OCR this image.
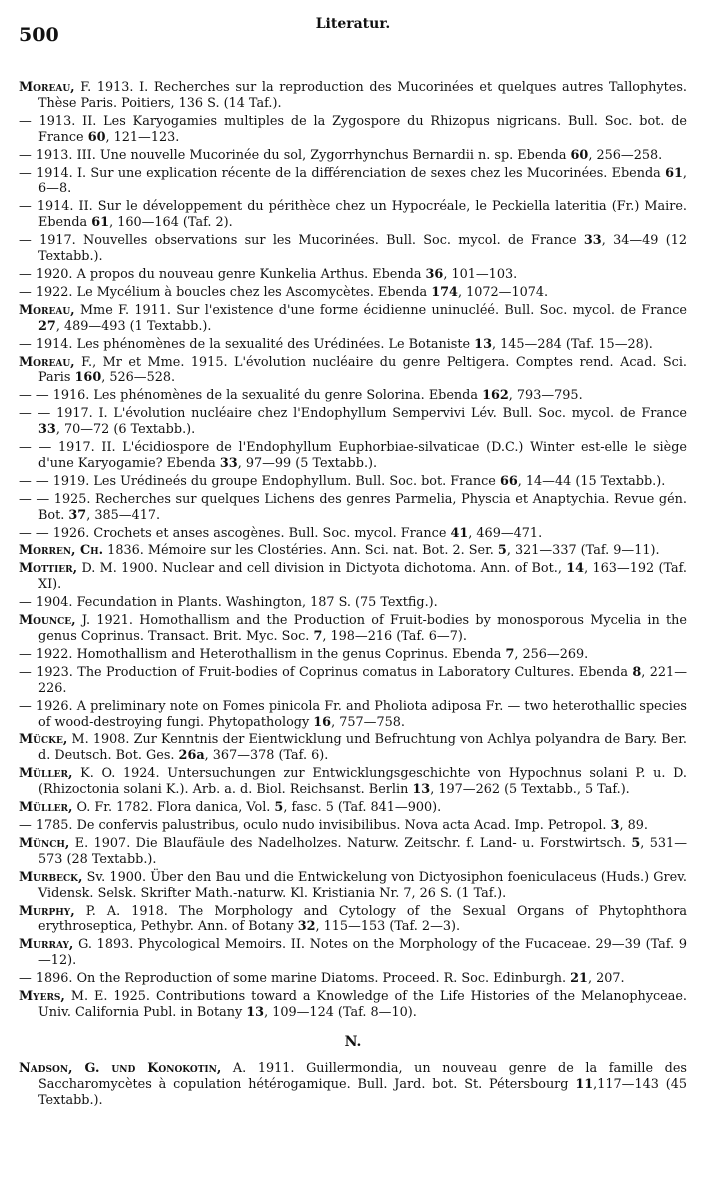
500	Literatur.
Moreau, F. 1913. I. Recherches sur la reproduction des Mucorinées et quelques autres Tallophytes. Thèse Paris. Poitiers, 136 S. (14 Taf.).
— 1913. II. Les Karyogamies multiples de la Zygospore du Rhizopus nigricans. Bull. Soc. bot. de France 60, 121—123.
— 1913. III. Une nouvelle Mucorinée du sol, Zygorrhynchus Bernardii n. sp. Ebenda 60, 256—258.
— 1914. I. Sur une explication récente de la différenciation de sexes chez les Mucorinées. Ebenda 61, 6—8.
— 1914. II. Sur le développement du périthèce chez un Hypocréale, le Peckiella lateritia (Fr.) Maire. Ebenda 61, 160—164 (Taf. 2).
— 1917. Nouvelles observations sur les Mucorinées. Bull. Soc. mycol. de France 33, 34—49 (12 Textabb.).
— 1920. A propos du nouveau genre Kunkelia Arthus. Ebenda 36, 101—103.
— 1922. Le Mycélium à boucles chez les Ascomycètes. Ebenda 174, 1072—1074.
Moreau, Mme F. 1911. Sur l'existence d'une forme écidienne uninucléé. Bull. Soc. mycol. de France 27, 489—493 (1 Textabb.).
— 1914. Les phénomènes de la sexualité des Urédinées. Le Botaniste 13, 145—284 (Taf. 15—28).
Moreau, F., Mr et Mme. 1915. L'évolution nucléaire du genre Peltigera. Comptes rend. Acad. Sci. Paris 160, 526—528.
— — 1916. Les phénomènes de la sexualité du genre Solorina. Ebenda 162, 793—795.
— — 1917. I. L'évolution nucléaire chez l'Endophyllum Sempervivi Lév. Bull. Soc. mycol. de France 33, 70—72 (6 Textabb.).
— — 1917. II. L'écidiospore de l'Endophyllum Euphorbiae-silvaticae (D.C.) Winter est-elle le siège d'une Karyogamie? Ebenda 33, 97—99 (5 Textabb.).
— — 1919. Les Urédineés du groupe Endophyllum. Bull. Soc. bot. France 66, 14—44 (15 Textabb.).
— — 1925. Recherches sur quelques Lichens des genres Parmelia, Physcia et Anaptychia. Revue gén. Bot. 37, 385—417.
— — 1926. Crochets et anses ascogènes. Bull. Soc. mycol. France 41, 469—471.
Morren, Ch. 1836. Mémoire sur les Clostéries. Ann. Sci. nat. Bot. 2. Ser. 5, 321—337 (Taf. 9—11).
Mottier, D. M. 1900. Nuclear and cell division in Dictyota dichotoma. Ann. of Bot., 14, 163—192 (Taf. XI).
— 1904. Fecundation in Plants. Washington, 187 S. (75 Textfig.).
Mounce, J. 1921. Homothallism and the Production of Fruit-bodies by monosporous Mycelia in the genus Coprinus. Transact. Brit. Myc. Soc. 7, 198—216 (Taf. 6—7).
— 1922. Homothallism and Heterothallism in the genus Coprinus. Ebenda 7, 256—269.
— 1923. The Production of Fruit-bodies of Coprinus comatus in Laboratory Cultures. Ebenda 8, 221—226.
— 1926. A preliminary note on Fomes pinicola Fr. and Pholiota adiposa Fr. — two heterothallic species of wood-destroying fungi. Phytopathology 16, 757—758.
Mücke, M. 1908. Zur Kenntnis der Eientwicklung und Befruchtung von Achlya polyandra de Bary. Ber. d. Deutsch. Bot. Ges. 26a, 367—378 (Taf. 6).
Müller, K. O. 1924. Untersuchungen zur Entwicklungsgeschichte von Hypochnus solani P. u. D. (Rhizoctonia solani K.). Arb. a. d. Biol. Reichsanst. Berlin 13, 197—262 (5 Textabb., 5 Taf.).
Müller, O. Fr. 1782. Flora danica, Vol. 5, fasc. 5 (Taf. 841—900).
— 1785. De confervis palustribus, oculo nudo invisibilibus. Nova acta Acad. Imp. Petropol. 3, 89.
Münch, E. 1907. Die Blaufäule des Nadelholzes. Naturw. Zeitschr. f. Land- u. Forstwirtsch. 5, 531—573 (28 Textabb.).
Murbeck, Sv. 1900. Über den Bau und die Entwickelung von Dictyosiphon foeniculaceus (Huds.) Grev. Vidensk. Selsk. Skrifter Math.-naturw. Kl. Kristiania Nr. 7, 26 S. (1 Taf.).
Murphy, P. A. 1918. The Morphology and Cytology of the Sexual Organs of Phytophthora erythroseptica, Pethybr. Ann. of Botany 32, 115—153 (Taf. 2—3).
Murray, G. 1893. Phycological Memoirs. II. Notes on the Morphology of the Fucaceae. 29—39 (Taf. 9—12).
— 1896. On the Reproduction of some marine Diatoms. Proceed. R. Soc. Edinburgh. 21, 207.
Myers, M. E. 1925. Contributions toward a Knowledge of the Life Histories of the Melanophyceae. Univ. California Publ. in Botany 13, 109—124 (Taf. 8—10).
N.
Nadson, G. und Konokotin, A. 1911. Guillermondia, un nouveau genre de la famille des Saccharomycètes à copulation hétérogamique. Bull. Jard. bot. St. Pétersbourg 11,117—143 (45 Textabb.).
